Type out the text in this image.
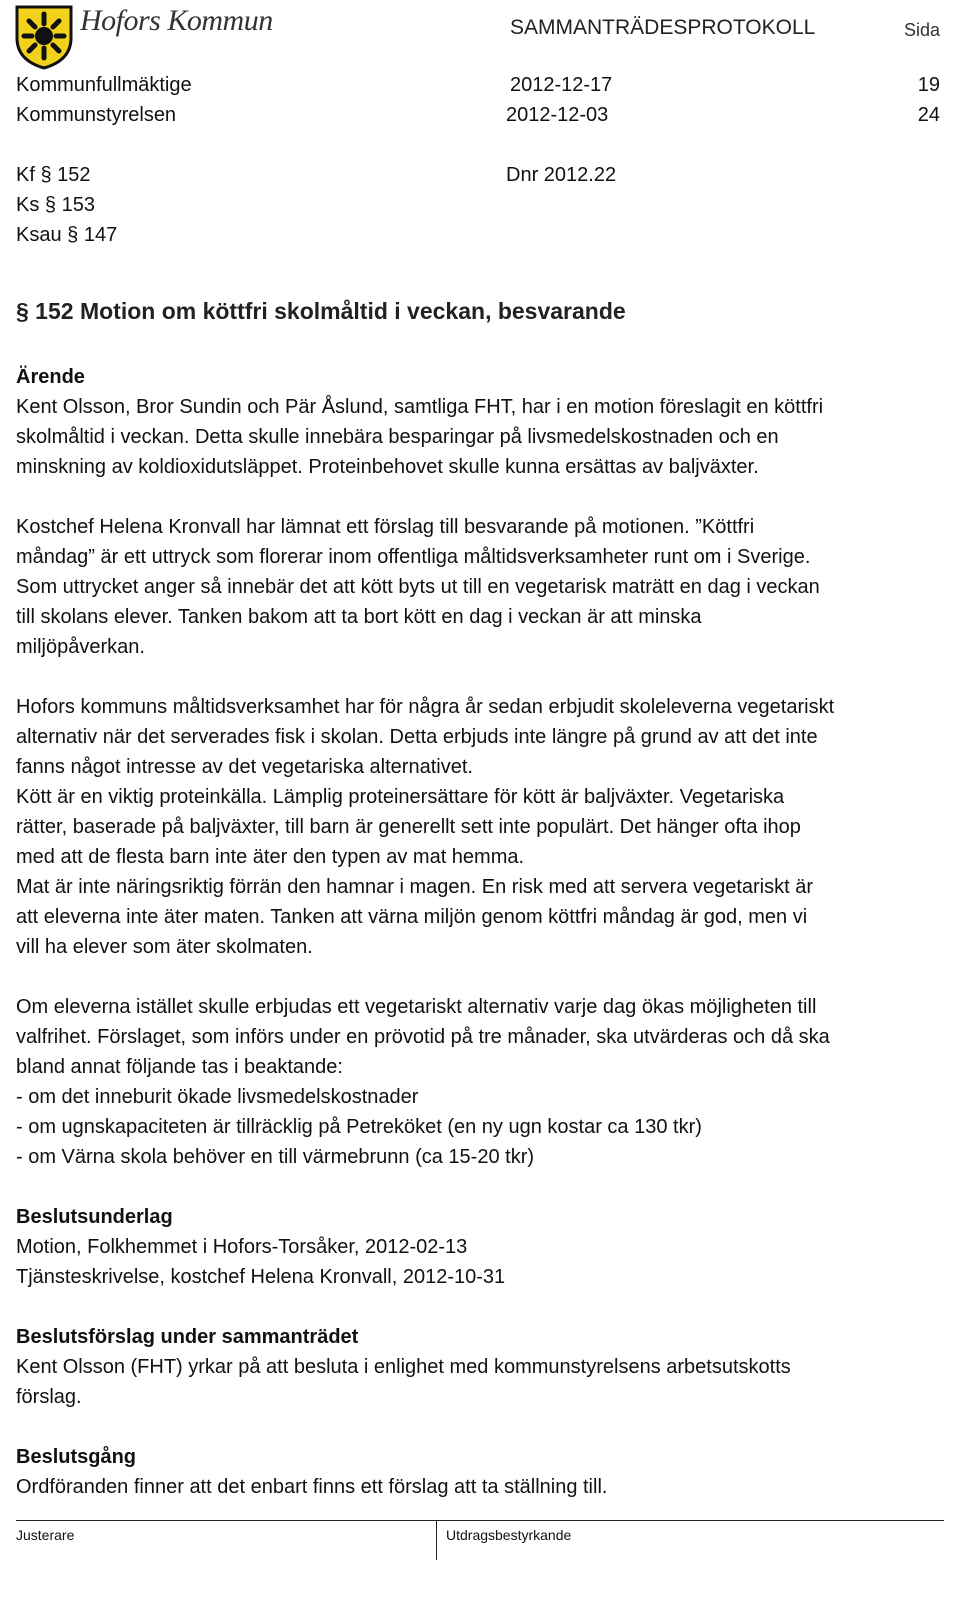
Hofors Kommun	SAMMANTRÄDESPROTOKOLL	Sida
Kommunfullmäktige	2012-12-17	19
Kommunstyrelsen	2012-12-03	24
Kf § 152	Dnr 2012.22
Ks § 153
Ksau § 147
§ 152 Motion om köttfri skolmåltid i veckan, besvarande

Ärende

Kent Olsson, Bror Sundin och Pär Åslund, samtliga FHT, har i en motion föreslagit en köttfri

skolmåltid i veckan. Detta skulle innebära besparingar på livsmedelskostnaden och en

minskning av koldioxidutsläppet. Proteinbehovet skulle kunna ersättas av baljväxter.

Kostchef Helena Kronvall har lämnat ett förslag till besvarande på motionen. ”Köttfri

måndag” är ett uttryck som florerar inom offentliga måltidsverksamheter runt om i Sverige.

Som uttrycket anger så innebär det att kött byts ut till en vegetarisk maträtt en dag i veckan

till skolans elever. Tanken bakom att ta bort kött en dag i veckan är att minska

miljöpåverkan.

Hofors kommuns måltidsverksamhet har för några år sedan erbjudit skoleleverna vegetariskt

alternativ när det serverades fisk i skolan. Detta erbjuds inte längre på grund av att det inte

fanns något intresse av det vegetariska alternativet.

Kött är en viktig proteinkälla. Lämplig proteinersättare för kött är baljväxter. Vegetariska

rätter, baserade på baljväxter, till barn är generellt sett inte populärt. Det hänger ofta ihop

med att de flesta barn inte äter den typen av mat hemma.

Mat är inte näringsriktig förrän den hamnar i magen. En risk med att servera vegetariskt är

att eleverna inte äter maten. Tanken att värna miljön genom köttfri måndag är god, men vi

vill ha elever som äter skolmaten.

Om eleverna istället skulle erbjudas ett vegetariskt alternativ varje dag ökas möjligheten till

valfrihet. Förslaget, som införs under en prövotid på tre månader, ska utvärderas och då ska

bland annat följande tas i beaktande:

- om det inneburit ökade livsmedelskostnader

- om ugnskapaciteten är tillräcklig på Petreköket (en ny ugn kostar ca 130 tkr)

- om Värna skola behöver en till värmebrunn (ca 15-20 tkr)

Beslutsunderlag

Motion, Folkhemmet i Hofors-Torsåker, 2012-02-13

Tjänsteskrivelse, kostchef Helena Kronvall, 2012-10-31

Beslutsförslag under sammanträdet

Kent Olsson (FHT) yrkar på att besluta i enlighet med kommunstyrelsens arbetsutskotts

förslag.

Beslutsgång

Ordföranden finner att det enbart finns ett förslag att ta ställning till.

Justerare	Utdragsbestyrkande
